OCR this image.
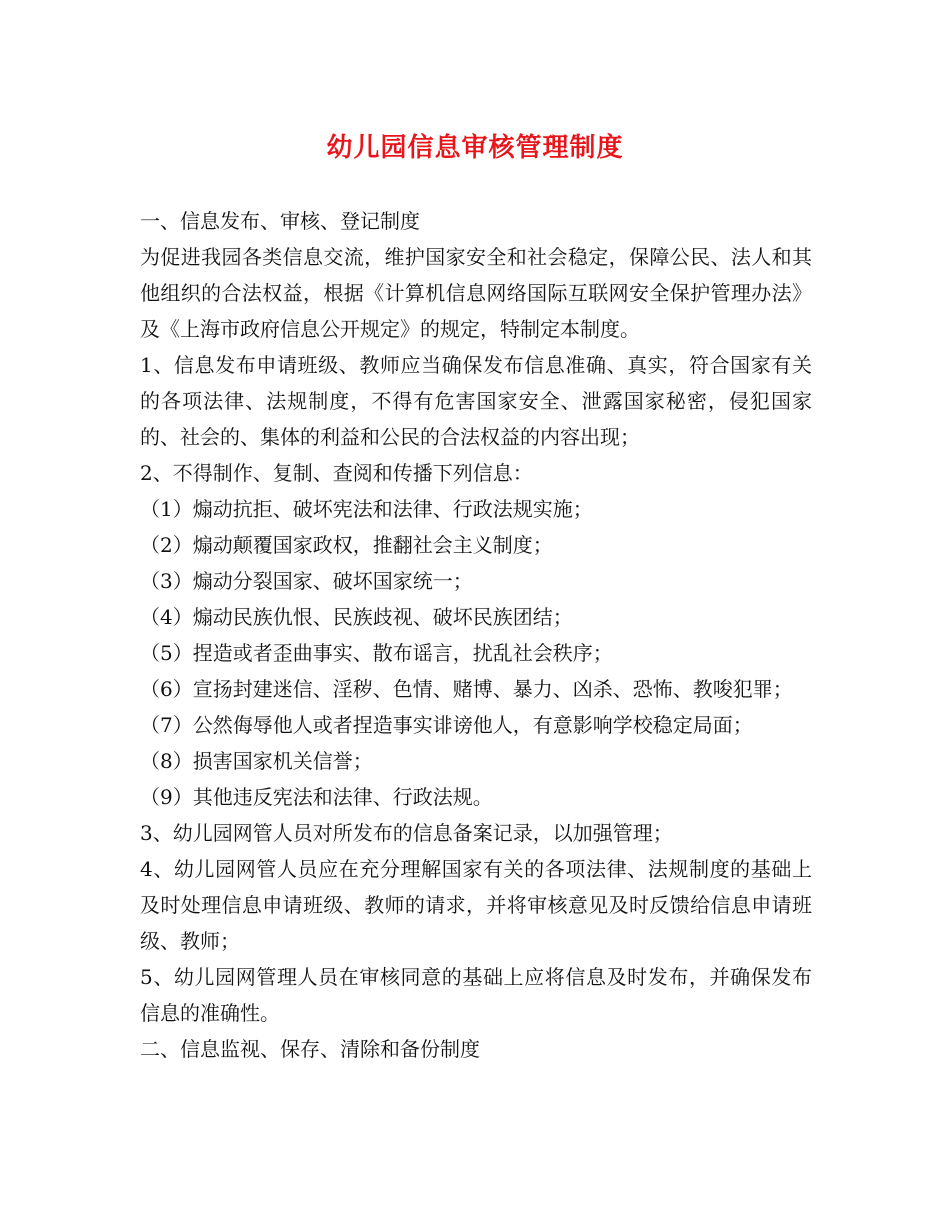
幼儿园信息审核管理制度

一、信息发布、审核、登记制度

为促进我园各类信息交流，维护国家安全和社会稳定，保障公民、法人和其他组织的合法权益，根据《计算机信息网络国际互联网安全保护管理办法》及《上海市政府信息公开规定》的规定，特制定本制度。

1、信息发布申请班级、教师应当确保发布信息准确、真实，符合国家有关的各项法律、法规制度，不得有危害国家安全、泄露国家秘密，侵犯国家的、社会的、集体的利益和公民的合法权益的内容出现；

2、不得制作、复制、查阅和传播下列信息：

（1）煽动抗拒、破坏宪法和法律、行政法规实施；

（2）煽动颠覆国家政权，推翻社会主义制度；

（3）煽动分裂国家、破坏国家统一；

（4）煽动民族仇恨、民族歧视、破坏民族团结；

（5）捏造或者歪曲事实、散布谣言，扰乱社会秩序；

（6）宣扬封建迷信、淫秽、色情、赌博、暴力、凶杀、恐怖、教唆犯罪；

（7）公然侮辱他人或者捏造事实诽谤他人，有意影响学校稳定局面；

（8）损害国家机关信誉；

（9）其他违反宪法和法律、行政法规。

3、幼儿园网管人员对所发布的信息备案记录，以加强管理；

4、幼儿园网管人员应在充分理解国家有关的各项法律、法规制度的基础上及时处理信息申请班级、教师的请求，并将审核意见及时反馈给信息申请班级、教师；

5、幼儿园网管理人员在审核同意的基础上应将信息及时发布，并确保发布信息的准确性。

二、信息监视、保存、清除和备份制度
